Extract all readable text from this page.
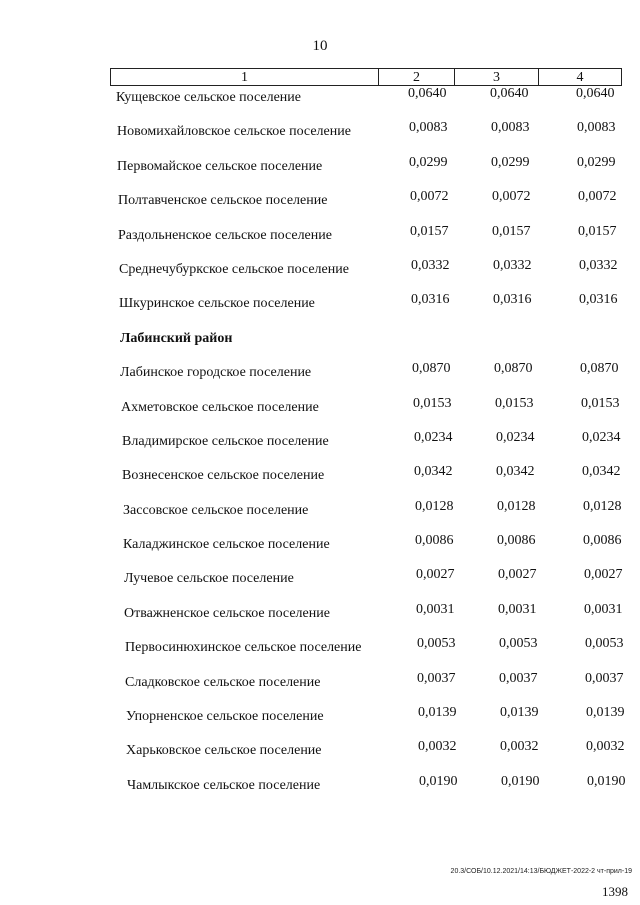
10
1	2	3	4
Кущевское сельское поселение	0,0640	0,0640	0,0640
Новомихайловское сельское поселение	0,0083	0,0083	0,0083
Первомайское сельское поселение	0,0299	0,0299	0,0299
Полтавченское сельское поселение	0,0072	0,0072	0,0072
Раздольненское сельское поселение	0,0157	0,0157	0,0157
Среднечубуркское сельское поселение	0,0332	0,0332	0,0332
Шкуринское сельское поселение	0,0316	0,0316	0,0316
Лабинский район
Лабинское городское поселение	0,0870	0,0870	0,0870
Ахметовское сельское поселение	0,0153	0,0153	0,0153
Владимирское сельское поселение	0,0234	0,0234	0,0234
Вознесенское сельское поселение	0,0342	0,0342	0,0342
Зассовское сельское поселение	0,0128	0,0128	0,0128
Каладжинское сельское поселение	0,0086	0,0086	0,0086
Лучевое сельское поселение	0,0027	0,0027	0,0027
Отважненское сельское поселение	0,0031	0,0031	0,0031
Первосинюхинское сельское поселение	0,0053	0,0053	0,0053
Сладковское сельское поселение	0,0037	0,0037	0,0037
Упорненское сельское поселение	0,0139	0,0139	0,0139
Харьковское сельское поселение	0,0032	0,0032	0,0032
Чамлыкское сельское поселение	0,0190	0,0190	0,0190
20.3/СОБ/10.12.2021/14:13/БЮДЖЕТ-2022-2 чт-прил-19
1398
